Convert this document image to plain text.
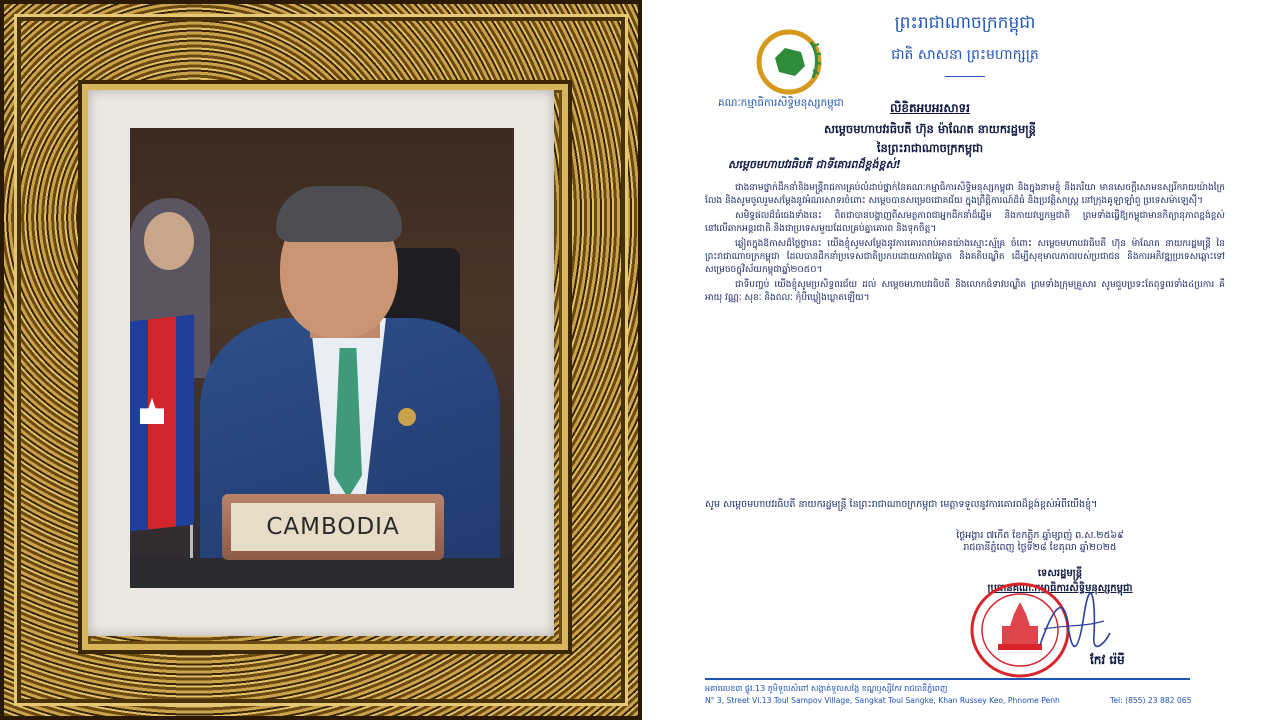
CAMBODIA
គណៈកម្មាធិការសិទ្ធិមនុស្សកម្ពុជា
ព្រះរាជាណាចក្រកម្ពុជា
ជាតិ សាសនា ព្រះមហាក្សត្រ
លិខិតអបអរសាទរ
សម្តេចមហាបវរធិបតី ហ៊ុន ម៉ាណែត នាយករដ្ឋមន្ត្រី
នៃព្រះរាជាណាចក្រកម្ពុជា
សម្តេចមហាបវរធិបតី ជាទីគោរពដ៏ខ្ពង់ខ្ពស់!

ជាងនាមថ្នាក់ដឹកនាំនិងមន្ត្រីរាជការគ្រប់លំដាប់ថ្នាក់នៃគណៈកម្មាធិការសិទ្ធិមនុស្សកម្ពុជា និងក្នុងនាមខ្ញុំ និងភរិយា មានសេចក្តីសោមនស្សរីករាយយ៉ាងក្រៃលែង និងសូមចូលរួមសម្តែងនូវអំណរសាទរចំពោះ សម្តេចបានសម្រេចជោគជ័យ ក្នុងព្រឹត្តិការណ៍ដ៏ធំ និងប្រវត្តិសាស្ត្រ នៅក្រុងគូឡាឡាំពួ ប្រទេសម៉ាឡេស៊ី។

សមិទ្ធផលដ៏ធំធេងទាំងនេះ ពិតជាបានបង្ហាញពីសមត្ថភាពជាអ្នកដឹកនាំដ៏ឆ្នើម និងកាយវប្បកម្មជាតិ ព្រមទាំងធ្វើឱ្យកម្ពុជាមានកិត្យានុភាពខ្ពង់ខ្ពស់នៅលើឆាកអន្តរជាតិ និងជាប្រទេសមួយដែលគ្រប់គ្នាគោរព និងទុកចិត្ត។

ឆ្លៀតក្នុងឱកាសដ៏ថ្លៃថ្លានេះ យើងខ្ញុំសូមសម្តែងនូវការគោរពរាប់អានយ៉ាងស្មោះស្ម័គ្រ ចំពោះ សម្តេចមហាបវរធិបតី ហ៊ុន ម៉ាណែត នាយករដ្ឋមន្ត្រី នៃព្រះរាជាណាចក្រកម្ពុជា ដែលបានដឹកនាំប្រទេសជាតិប្រកបដោយភាពវៃឆ្លាត និងគតិបណ្ឌិត ដើម្បីសុខុមាលភាពរបស់ប្រជាជន និងការអភិវឌ្ឍប្រទេសឆ្ពោះទៅសម្រេចចក្ខុវិស័យកម្ពុជាឆ្នាំ២០៥០។

ជាទីបញ្ចប់ យើងខ្ញុំសូមប្រសិទ្ធពរជ័យ ដល់ សម្តេចមហាបវរធិបតី និងលោកជំទាវបណ្ឌិត ព្រមទាំងក្រុមគ្រួសារ សូមជួបប្រទះតែពុទ្ធពរទាំង៤ប្រការ គឺ អាយុ វណ្ណៈ សុខៈ និងពលៈ កុំបីឃ្លៀងឃ្លាតឡើយ។

សូម សម្តេចមហាបវរធិបតី នាយករដ្ឋមន្ត្រី នៃព្រះរាជាណាចក្រកម្ពុជា មេត្តាទទួលនូវការគោរពដ៏ខ្ពង់ខ្ពស់អំពីយើងខ្ញុំ។
ថ្ងៃអង្គារ ៧កើត ខែកត្តិក ឆ្នាំម្សាញ់ ព.ស.២៥៦៩
រាជធានីភ្នំពេញ ថ្ងៃទី២៨ ខែតុលា ឆ្នាំ២០២៥
ទេសរដ្ឋមន្ត្រី
ប្រធានគណៈកម្មាធិការសិទ្ធិមនុស្សកម្ពុជា
កែវ រ៉េមី
អគារលេខ៣ ផ្លូវ.13 ភូមិទួលសំពៅ សង្កាត់ទួលសង្កែ ខណ្ឌឫស្សីកែវ រាជធានីភ្នំពេញ
N° 3, Street Vl.13 Toul Sampov Village, Sangkat Toul Sangke, Khan Russey Keo, Phnome Penh	Tel: (855) 23 882 065
